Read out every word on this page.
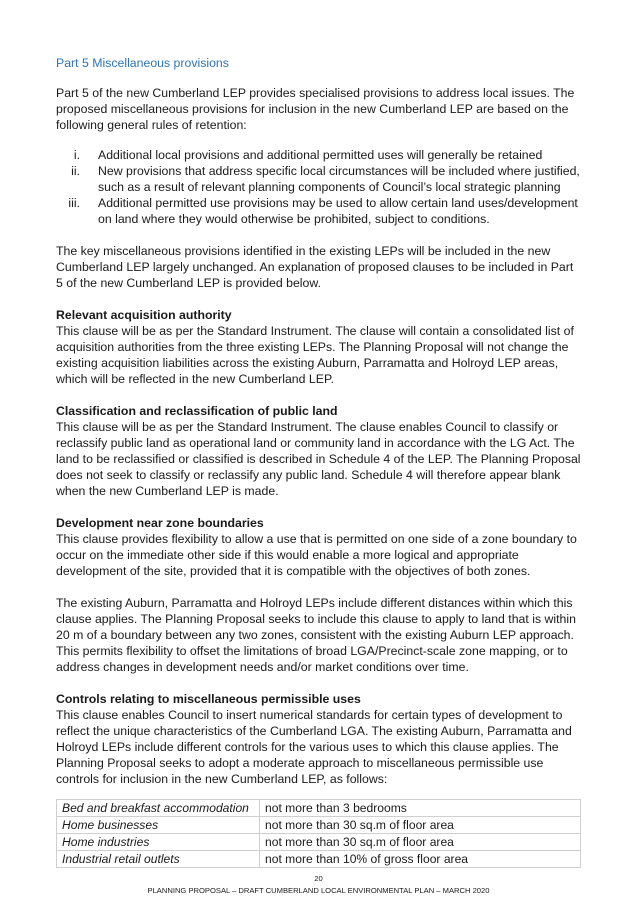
Part 5 Miscellaneous provisions

Part 5 of the new Cumberland LEP provides specialised provisions to address local issues. The proposed miscellaneous provisions for inclusion in the new Cumberland LEP are based on the following general rules of retention:

i. Additional local provisions and additional permitted uses will generally be retained
ii. New provisions that address specific local circumstances will be included where justified, such as a result of relevant planning components of Council’s local strategic planning
iii. Additional permitted use provisions may be used to allow certain land uses/development on land where they would otherwise be prohibited, subject to conditions.

The key miscellaneous provisions identified in the existing LEPs will be included in the new Cumberland LEP largely unchanged. An explanation of proposed clauses to be included in Part 5 of the new Cumberland LEP is provided below.

Relevant acquisition authority
This clause will be as per the Standard Instrument. The clause will contain a consolidated list of acquisition authorities from the three existing LEPs. The Planning Proposal will not change the existing acquisition liabilities across the existing Auburn, Parramatta and Holroyd LEP areas, which will be reflected in the new Cumberland LEP.
Classification and reclassification of public land
This clause will be as per the Standard Instrument. The clause enables Council to classify or reclassify public land as operational land or community land in accordance with the LG Act. The land to be reclassified or classified is described in Schedule 4 of the LEP. The Planning Proposal does not seek to classify or reclassify any public land. Schedule 4 will therefore appear blank when the new Cumberland LEP is made.
Development near zone boundaries
This clause provides flexibility to allow a use that is permitted on one side of a zone boundary to occur on the immediate other side if this would enable a more logical and appropriate development of the site, provided that it is compatible with the objectives of both zones.

The existing Auburn, Parramatta and Holroyd LEPs include different distances within which this clause applies. The Planning Proposal seeks to include this clause to apply to land that is within 20 m of a boundary between any two zones, consistent with the existing Auburn LEP approach. This permits flexibility to offset the limitations of broad LGA/Precinct-scale zone mapping, or to address changes in development needs and/or market conditions over time.

Controls relating to miscellaneous permissible uses
This clause enables Council to insert numerical standards for certain types of development to reflect the unique characteristics of the Cumberland LGA. The existing Auburn, Parramatta and Holroyd LEPs include different controls for the various uses to which this clause applies. The Planning Proposal seeks to adopt a moderate approach to miscellaneous permissible use controls for inclusion in the new Cumberland LEP, as follows:
Bed and breakfast accommodation	not more than 3 bedrooms
Home businesses	not more than 30 sq.m of floor area
Home industries	not more than 30 sq.m of floor area
Industrial retail outlets	not more than 10% of gross floor area
20
PLANNING PROPOSAL – DRAFT CUMBERLAND LOCAL ENVIRONMENTAL PLAN – MARCH 2020
